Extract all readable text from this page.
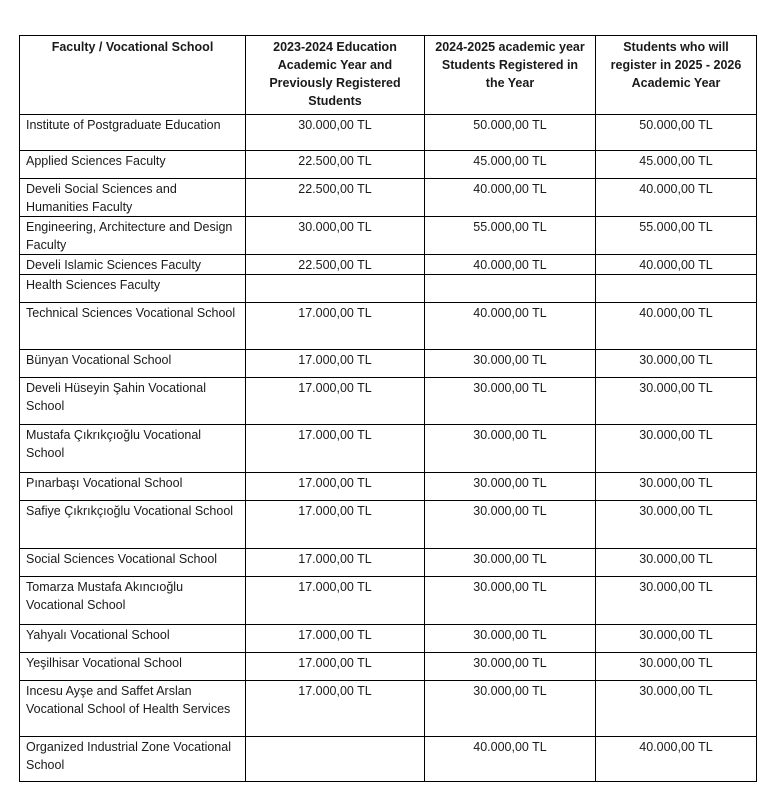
Faculty / Vocational School	2023-2024 Education Academic Year and Previously Registered Students	2024-2025 academic year Students Registered in the Year	Students who will register in 2025 - 2026 Academic Year
Institute of Postgraduate Education	30.000,00 TL	50.000,00 TL	50.000,00 TL
Applied Sciences Faculty	22.500,00 TL	45.000,00 TL	45.000,00 TL
Develi Social Sciences and Humanities Faculty	22.500,00 TL	40.000,00 TL	40.000,00 TL
Engineering, Architecture and Design Faculty	30.000,00 TL	55.000,00 TL	55.000,00 TL
Develi Islamic Sciences Faculty	22.500,00 TL	40.000,00 TL	40.000,00 TL
Health Sciences Faculty			
Technical Sciences Vocational School	17.000,00 TL	40.000,00 TL	40.000,00 TL
Bünyan Vocational School	17.000,00 TL	30.000,00 TL	30.000,00 TL
Develi Hüseyin Şahin Vocational School	17.000,00 TL	30.000,00 TL	30.000,00 TL
Mustafa Çıkrıkçıoğlu Vocational School	17.000,00 TL	30.000,00 TL	30.000,00 TL
Pınarbaşı Vocational School	17.000,00 TL	30.000,00 TL	30.000,00 TL
Safiye Çıkrıkçıoğlu Vocational School	17.000,00 TL	30.000,00 TL	30.000,00 TL
Social Sciences Vocational School	17.000,00 TL	30.000,00 TL	30.000,00 TL
Tomarza Mustafa Akıncıoğlu Vocational School	17.000,00 TL	30.000,00 TL	30.000,00 TL
Yahyalı Vocational School	17.000,00 TL	30.000,00 TL	30.000,00 TL
Yeşilhisar Vocational School	17.000,00 TL	30.000,00 TL	30.000,00 TL
Incesu Ayşe and Saffet Arslan Vocational School of Health Services	17.000,00 TL	30.000,00 TL	30.000,00 TL
Organized Industrial Zone Vocational School		40.000,00 TL	40.000,00 TL
